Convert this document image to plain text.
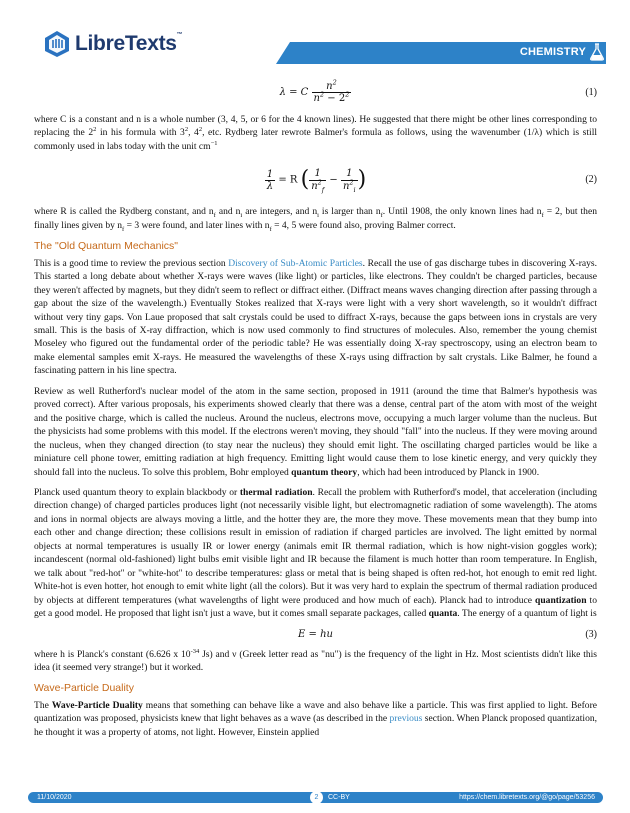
LibreTexts™
CHEMISTRY
λ = C $\frac{n^2}{n^2 - 2^2}$	(1)

where C is a constant and n is a whole number (3, 4, 5, or 6 for the 4 known lines). He suggested that there might be other lines corresponding to replacing the $2^2$ in his formula with $3^2$, $4^2$, etc. Rydberg later rewrote Balmer's formula as follows, using the wavenumber (1/λ) which is still commonly used in labs today with the unit $cm^{-1}$

$\frac{1}{\lambda} = R$ ( $\frac{1}{n^2_f} - \frac{1}{n^2_i}$ )	(2)

where R is called the Rydberg constant, and $n_f$ and $n_i$ are integers, and $n_i$ is larger than $n_f$. Until 1908, the only known lines had $n_f = 2$, but then finally lines given by $n_f = 3$ were found, and later lines with $n_f = 4$, 5 were found also, proving Balmer correct.

The "Old Quantum Mechanics"

This is a good time to review the previous section Discovery of Sub-Atomic Particles. Recall the use of gas discharge tubes in discovering X-rays. This started a long debate about whether X-rays were waves (like light) or particles, like electrons. They couldn't be charged particles, because they weren't affected by magnets, but they didn't seem to reflect or diffract either. (Diffract means waves changing direction after passing through a gap about the size of the wavelength.) Eventually Stokes realized that X-rays were light with a very short wavelength, so it wouldn't diffract without very tiny gaps. Von Laue proposed that salt crystals could be used to diffract X-rays, because the gaps between ions in crystals are very small. This is the basis of X-ray diffraction, which is now used commonly to find structures of molecules. Also, remember the young chemist Moseley who figured out the fundamental order of the periodic table? He was essentially doing X-ray spectroscopy, using an electron beam to make elemental samples emit X-rays. He measured the wavelengths of these X-rays using diffraction by salt crystals. Like Balmer, he found a fascinating pattern in his line spectra.

Review as well Rutherford's nuclear model of the atom in the same section, proposed in 1911 (around the time that Balmer's hypothesis was proved correct). After various proposals, his experiments showed clearly that there was a dense, central part of the atom with most of the weight and the positive charge, which is called the nucleus. Around the nucleus, electrons move, occupying a much larger volume than the nucleus. But the physicists had some problems with this model. If the electrons weren't moving, they should "fall" into the nucleus. If they were moving around the nucleus, when they changed direction (to stay near the nucleus) they should emit light. The oscillating charged particles would be like a miniature cell phone tower, emitting radiation at high frequency. Emitting light would cause them to lose kinetic energy, and very quickly they should fall into the nucleus. To solve this problem, Bohr employed quantum theory, which had been introduced by Planck in 1900.

Planck used quantum theory to explain blackbody or thermal radiation. Recall the problem with Rutherford's model, that acceleration (including direction change) of charged particles produces light (not necessarily visible light, but electromagnetic radiation of some wavelength). The atoms and ions in normal objects are always moving a little, and the hotter they are, the more they move. These movements mean that they bump into each other and change direction; these collisions result in emission of radiation if charged particles are involved. The light emitted by normal objects at normal temperatures is usually IR or lower energy (animals emit IR thermal radiation, which is how night-vision goggles work); incandescent (normal old-fashioned) light bulbs emit visible light and IR because the filament is much hotter than room temperature. In English, we talk about "red-hot" or "white-hot" to describe temperatures: glass or metal that is being shaped is often red-hot, hot enough to emit red light. White-hot is even hotter, hot enough to emit white light (all the colors). But it was very hard to explain the spectrum of thermal radiation produced by objects at different temperatures (what wavelengths of light were produced and how much of each). Planck had to introduce quantization to get a good model. He proposed that light isn't just a wave, but it comes small separate packages, called quanta. The energy of a quantum of light is

E = hu	(3)

where h is Planck's constant (6.626 x $10^{-34}$ Js) and ν (Greek letter read as "nu") is the frequency of the light in Hz. Most scientists didn't like this idea (it seemed very strange!) but it worked.

Wave-Particle Duality

The Wave-Particle Duality means that something can behave like a wave and also behave like a particle. This was first applied to light. Before quantization was proposed, physicists knew that light behaves as a wave (as described in the previous section. When Planck proposed quantization, he thought it was a property of atoms, not light. However, Einstein applied

11/10/2020	2	CC-BY	https://chem.libretexts.org/@go/page/53256
